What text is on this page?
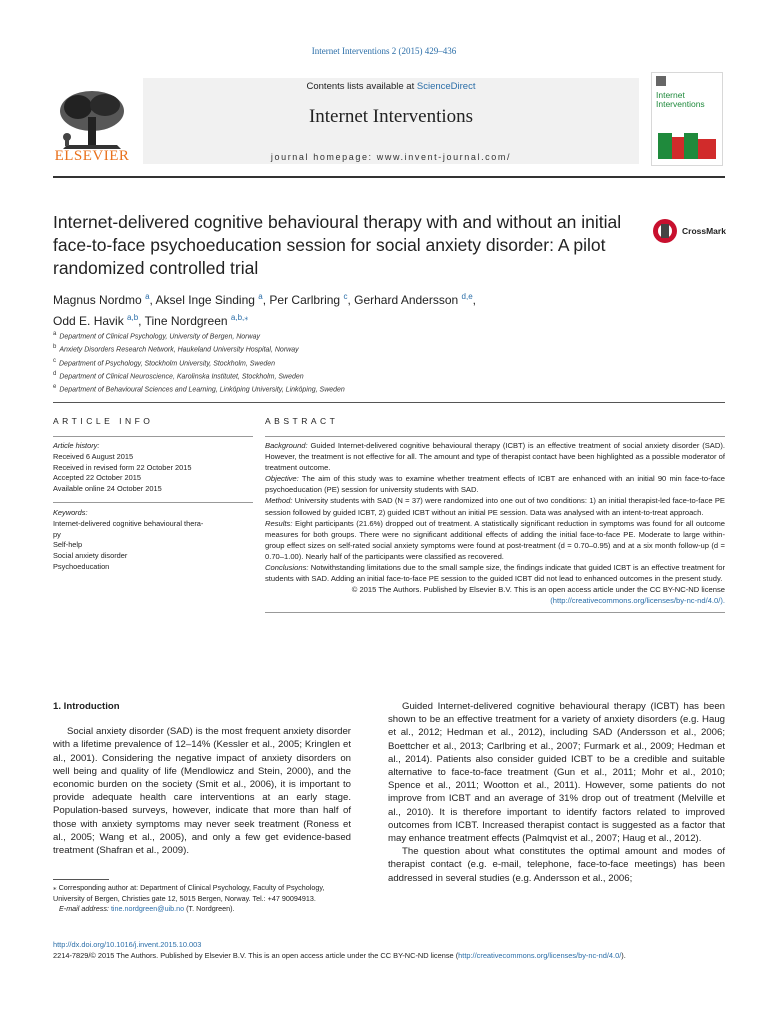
Internet Interventions 2 (2015) 429–436
ELSEVIER
Contents lists available at ScienceDirect
Internet Interventions
journal homepage: www.invent-journal.com/
Internet
Interventions
Internet-delivered cognitive behavioural therapy with and without an initial face-to-face psychoeducation session for social anxiety disorder: A pilot randomized controlled trial
CrossMark
Magnus Nordmo $^a$, Aksel Inge Sinding $^a$, Per Carlbring $^c$, Gerhard Andersson $^{d,e}$,
Odd E. Havik $^{a,b}$, Tine Nordgreen $^{a,b,⁎}$
a Department of Clinical Psychology, University of Bergen, Norway
b Anxiety Disorders Research Network, Haukeland University Hospital, Norway
c Department of Psychology, Stockholm University, Stockholm, Sweden
d Department of Clinical Neuroscience, Karolinska Institutet, Stockholm, Sweden
e Department of Behavioural Sciences and Learning, Linköping University, Linköping, Sweden
ARTICLE INFO
Article history:
Received 6 August 2015
Received in revised form 22 October 2015
Accepted 22 October 2015
Available online 24 October 2015
Keywords:
Internet-delivered cognitive behavioural thera-
py
Self-help
Social anxiety disorder
Psychoeducation
ABSTRACT
Background: Guided Internet-delivered cognitive behavioural therapy (ICBT) is an effective treatment of social anxiety disorder (SAD). However, the treatment is not effective for all. The amount and type of therapist contact have been highlighted as a possible moderator of treatment outcome.
Objective: The aim of this study was to examine whether treatment effects of ICBT are enhanced with an initial 90 min face-to-face psychoeducation (PE) session for university students with SAD.
Method: University students with SAD (N = 37) were randomized into one out of two conditions: 1) an initial therapist-led face-to-face PE session followed by guided ICBT, 2) guided ICBT without an initial PE session. Data was analysed with an intent-to-treat approach.
Results: Eight participants (21.6%) dropped out of treatment. A statistically significant reduction in symptoms was found for all outcome measures for both groups. There were no significant additional effects of adding the initial face-to-face PE. Moderate to large within-group effect sizes on self-rated social anxiety symptoms were found at post-treatment (d = 0.70–0.95) and at a six month follow-up (d = 0.70–1.00). Nearly half of the participants were classified as recovered.
Conclusions: Notwithstanding limitations due to the small sample size, the findings indicate that guided ICBT is an effective treatment for students with SAD. Adding an initial face-to-face PE session to the guided ICBT did not lead to enhanced outcomes in the present study.
© 2015 The Authors. Published by Elsevier B.V. This is an open access article under the CC BY-NC-ND license
(http://creativecommons.org/licenses/by-nc-nd/4.0/).
1. Introduction
Social anxiety disorder (SAD) is the most frequent anxiety disorder with a lifetime prevalence of 12–14% (Kessler et al., 2005; Kringlen et al., 2001). Considering the negative impact of anxiety disorders on well being and quality of life (Mendlowicz and Stein, 2000), and the economic burden on the society (Smit et al., 2006), it is important to provide adequate health care interventions at an early stage. Population-based surveys, however, indicate that more than half of those with anxiety symptoms may never seek treatment (Roness et al., 2005; Wang et al., 2005), and only a few get evidence-based treatment (Shafran et al., 2009).
Guided Internet-delivered cognitive behavioural therapy (ICBT) has been shown to be an effective treatment for a variety of anxiety disorders (e.g. Haug et al., 2012; Hedman et al., 2012), including SAD (Andersson et al., 2006; Boettcher et al., 2013; Carlbring et al., 2007; Furmark et al., 2009; Hedman et al., 2014). Patients also consider guided ICBT to be a credible and suitable alternative to face-to-face treatment (Gun et al., 2011; Mohr et al., 2010; Spence et al., 2011; Wootton et al., 2011). However, some patients do not improve from ICBT and an average of 31% drop out of treatment (Melville et al., 2010). It is therefore important to identify factors related to improved outcomes from ICBT. Increased therapist contact is suggested as a factor that may enhance treatment effects (Palmqvist et al., 2007; Haug et al., 2012).
The question about what constitutes the optimal amount and modes of therapist contact (e.g. e-mail, telephone, face-to-face meetings) has been addressed in several studies (e.g. Andersson et al., 2006;
⁎ Corresponding author at: Department of Clinical Psychology, Faculty of Psychology, University of Bergen, Christies gate 12, 5015 Bergen, Norway. Tel.: +47 90094913.
E-mail address: tine.nordgreen@uib.no (T. Nordgreen).
http://dx.doi.org/10.1016/j.invent.2015.10.003
2214-7829/© 2015 The Authors. Published by Elsevier B.V. This is an open access article under the CC BY-NC-ND license (http://creativecommons.org/licenses/by-nc-nd/4.0/).
